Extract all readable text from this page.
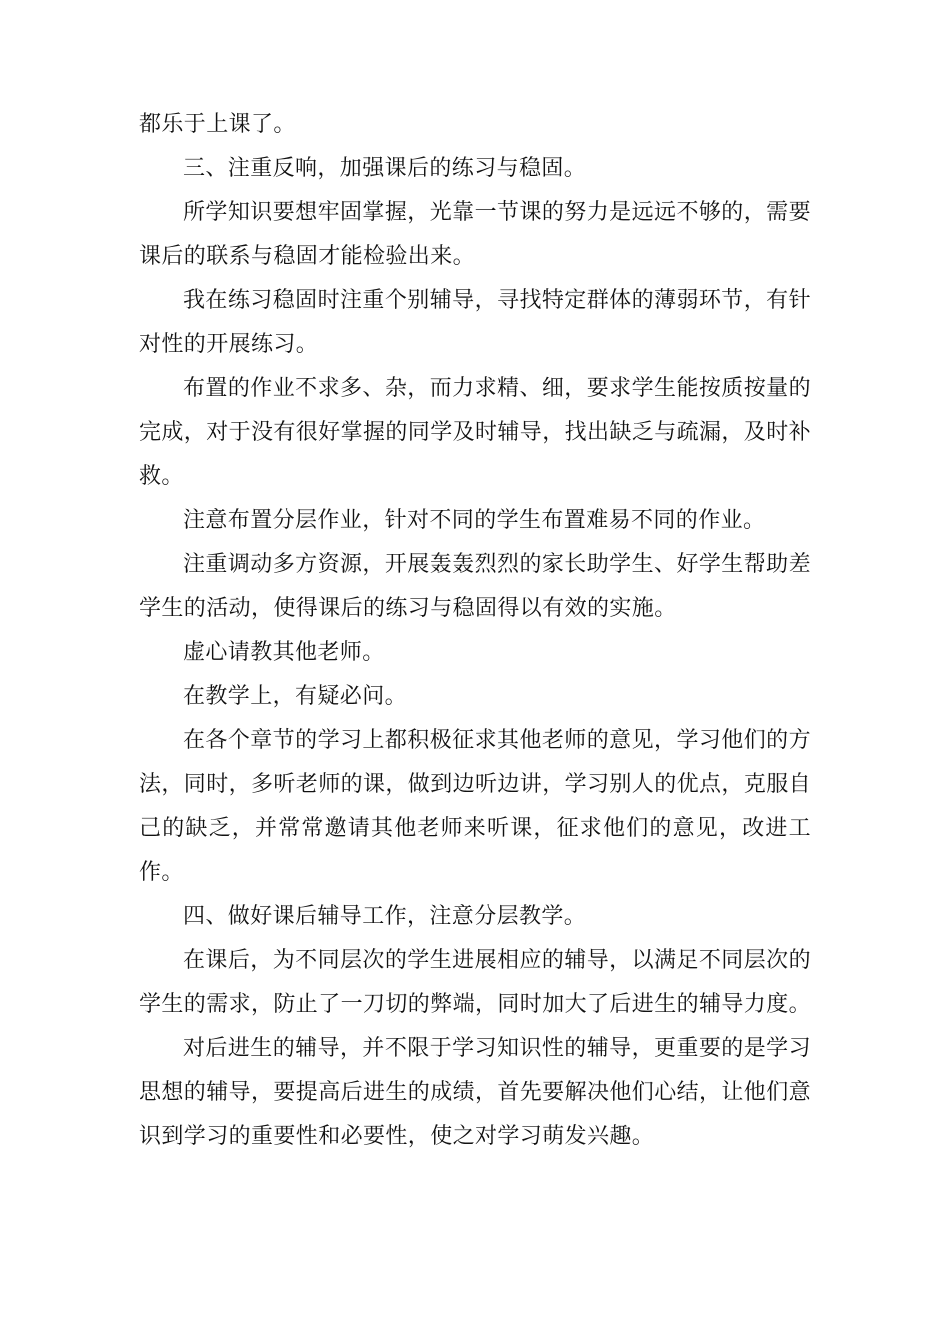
都乐于上课了。

三、注重反响，加强课后的练习与稳固。

所学知识要想牢固掌握，光靠一节课的努力是远远不够的，需要课后的联系与稳固才能检验出来。

我在练习稳固时注重个别辅导，寻找特定群体的薄弱环节，有针对性的开展练习。

布置的作业不求多、杂，而力求精、细，要求学生能按质按量的完成，对于没有很好掌握的同学及时辅导，找出缺乏与疏漏，及时补救。

注意布置分层作业，针对不同的学生布置难易不同的作业。

注重调动多方资源，开展轰轰烈烈的家长助学生、好学生帮助差学生的活动，使得课后的练习与稳固得以有效的实施。

虚心请教其他老师。

在教学上，有疑必问。

在各个章节的学习上都积极征求其他老师的意见，学习他们的方法，同时，多听老师的课，做到边听边讲，学习别人的优点，克服自己的缺乏，并常常邀请其他老师来听课，征求他们的意见，改进工作。

四、做好课后辅导工作，注意分层教学。

在课后，为不同层次的学生进展相应的辅导，以满足不同层次的学生的需求，防止了一刀切的弊端，同时加大了后进生的辅导力度。

对后进生的辅导，并不限于学习知识性的辅导，更重要的是学习思想的辅导，要提高后进生的成绩，首先要解决他们心结，让他们意识到学习的重要性和必要性，使之对学习萌发兴趣。
